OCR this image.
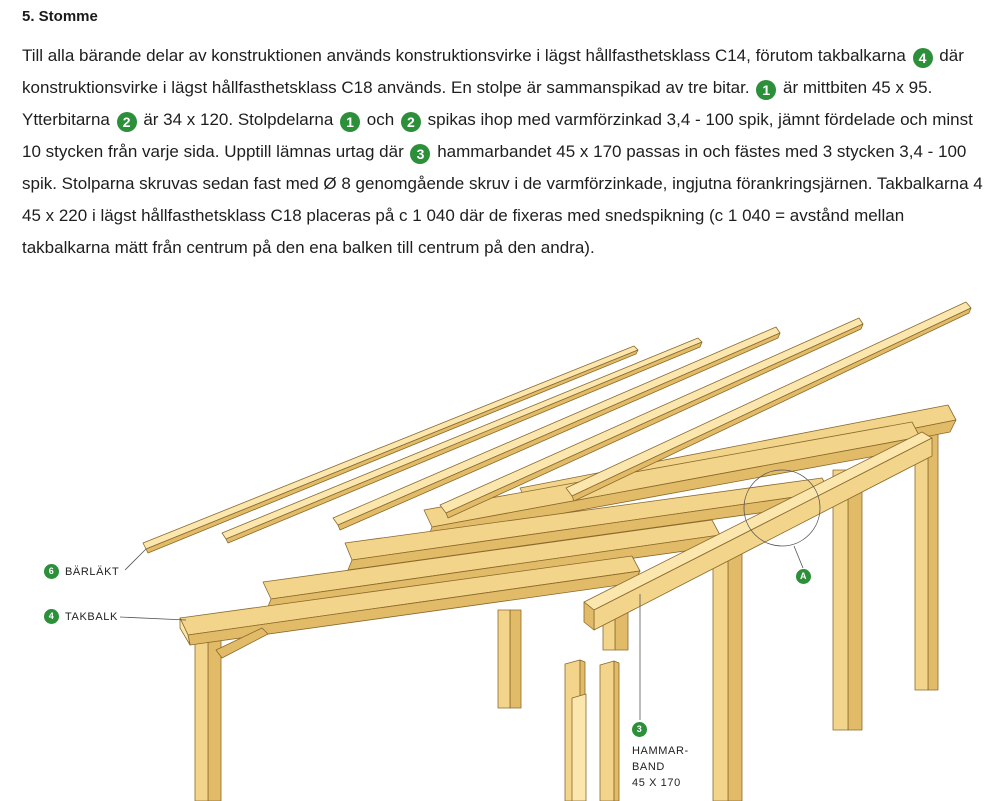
5. Stomme

Till alla bärande delar av konstruktionen används konstruktionsvirke i lägst hållfasthetsklass C14, förutom takbalkarna 4 där konstruktionsvirke i lägst hållfasthetsklass C18 används. En stolpe är sammanspikad av tre bitar. 1 är mittbiten 45 x 95. Ytterbitarna 2 är 34 x 120. Stolpdelarna 1 och 2 spikas ihop med varmförzinkad 3,4 - 100 spik, jämnt fördelade och minst 10 stycken från varje sida. Upptill lämnas urtag där 3 hammarbandet 45 x 170 passas in och fästes med 3 stycken 3,4 - 100 spik. Stolparna skruvas sedan fast med Ø 8 genomgående skruv i de varmförzinkade, ingjutna förankringsjärnen. Takbalkarna 4 45 x 220 i lägst hållfasthetsklass C18 placeras på c 1 040 där de fixeras med snedspikning (c 1 040 = avstånd mellan takbalkarna mätt från centrum på den ena balken till centrum på den andra).

6 BÄRLÄKT
4 TAKBALK
A
3
HAMMAR-
BAND
45 X 170
